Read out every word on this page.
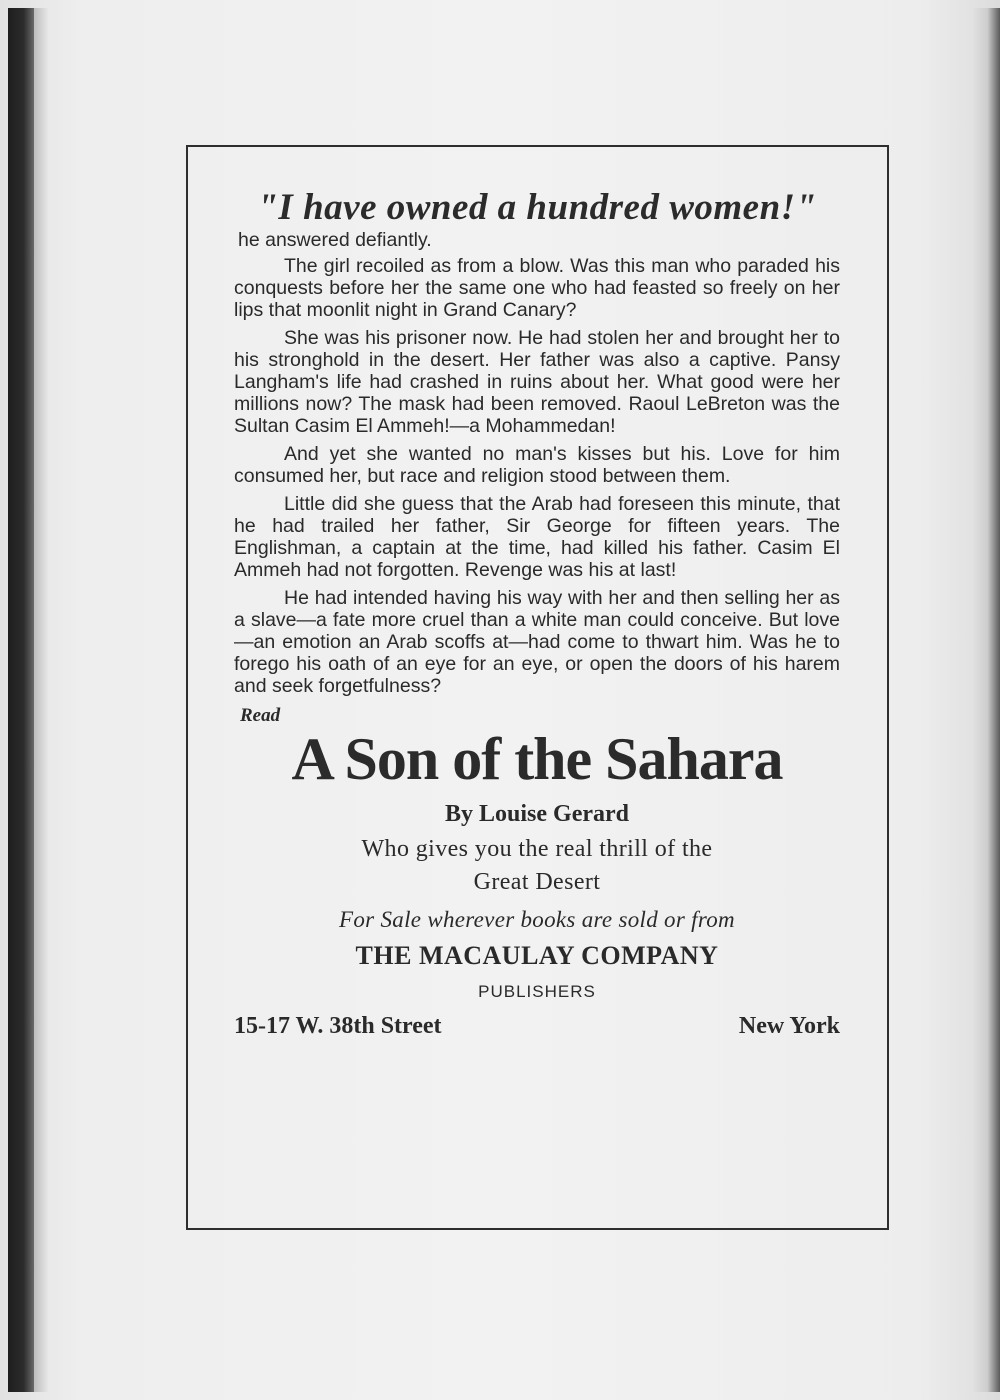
"I have owned a hundred women!"

he answered defiantly.

The girl recoiled as from a blow. Was this man who paraded his conquests before her the same one who had feasted so freely on her lips that moonlit night in Grand Canary?

She was his prisoner now. He had stolen her and brought her to his stronghold in the desert. Her father was also a captive. Pansy Langham's life had crashed in ruins about her. What good were her millions now? The mask had been removed. Raoul LeBreton was the Sultan Casim El Ammeh!—a Mohammedan!

And yet she wanted no man's kisses but his. Love for him consumed her, but race and religion stood between them.

Little did she guess that the Arab had foreseen this minute, that he had trailed her father, Sir George for fifteen years. The Englishman, a captain at the time, had killed his father. Casim El Ammeh had not forgotten. Revenge was his at last!

He had intended having his way with her and then selling her as a slave—a fate more cruel than a white man could conceive. But love—an emotion an Arab scoffs at—had come to thwart him. Was he to forego his oath of an eye for an eye, or open the doors of his harem and seek forgetfulness?

Read

A Son of the Sahara

By Louise Gerard

Who gives you the real thrill of the

Great Desert

For Sale wherever books are sold or from

THE MACAULAY COMPANY

PUBLISHERS

15-17 W. 38th Street	New York
